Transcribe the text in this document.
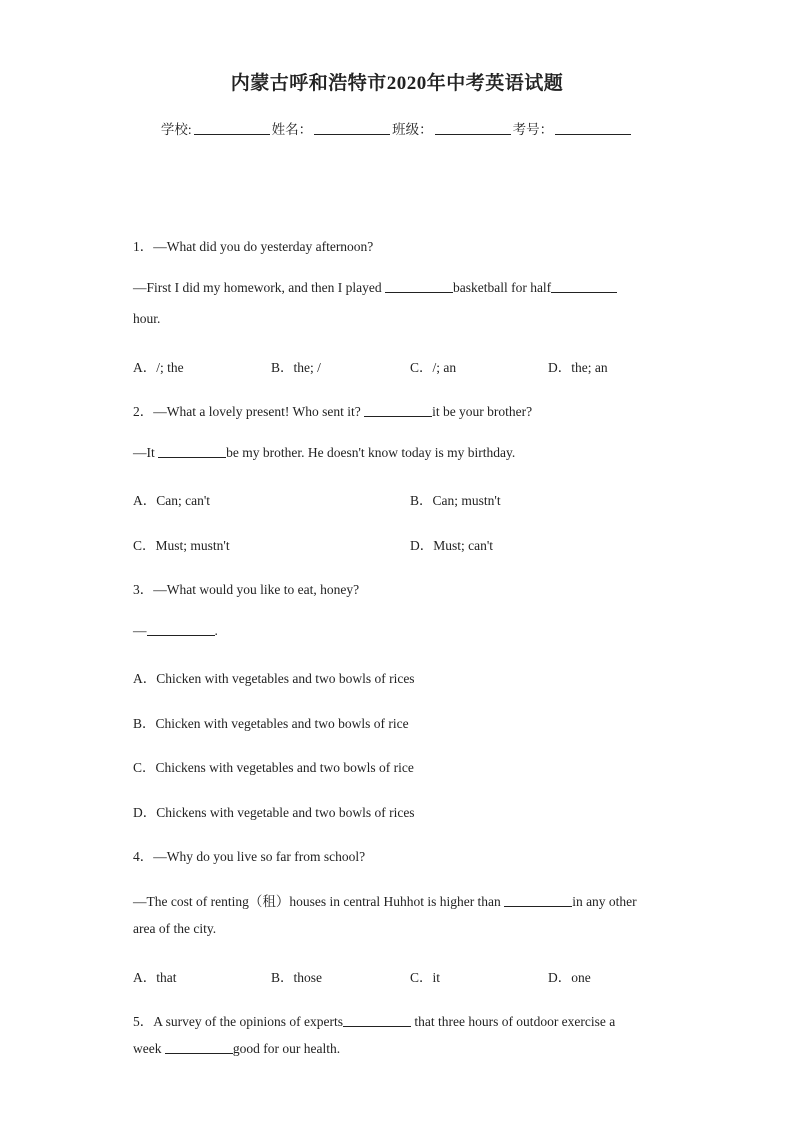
内蒙古呼和浩特市2020年中考英语试题
学校:	姓名：	班级：	考号：
1．—What did you do yesterday afternoon?
—First I did my homework, and then I played	basketball for half
hour.
A．/; the	B．the; /	C．/; an	D．the; an
2．—What a lovely present! Who sent it?	it be your brother?
—It	be my brother. He doesn't know today is my birthday.
A．Can; can't	B．Can; mustn't
C．Must; mustn't	D．Must; can't
3．—What would you like to eat, honey?
—	.
A．Chicken with vegetables and two bowls of rices
B．Chicken with vegetables and two bowls of rice
C．Chickens with vegetables and two bowls of rice
D．Chickens with vegetable and two bowls of rices
4．—Why do you live so far from school?
—The cost of renting（租）houses in central Huhhot is higher than	in any other
area of the city.
A．that	B．those	C．it	D．one
5．A survey of the opinions of experts	that three hours of outdoor exercise a
week	good for our health.
